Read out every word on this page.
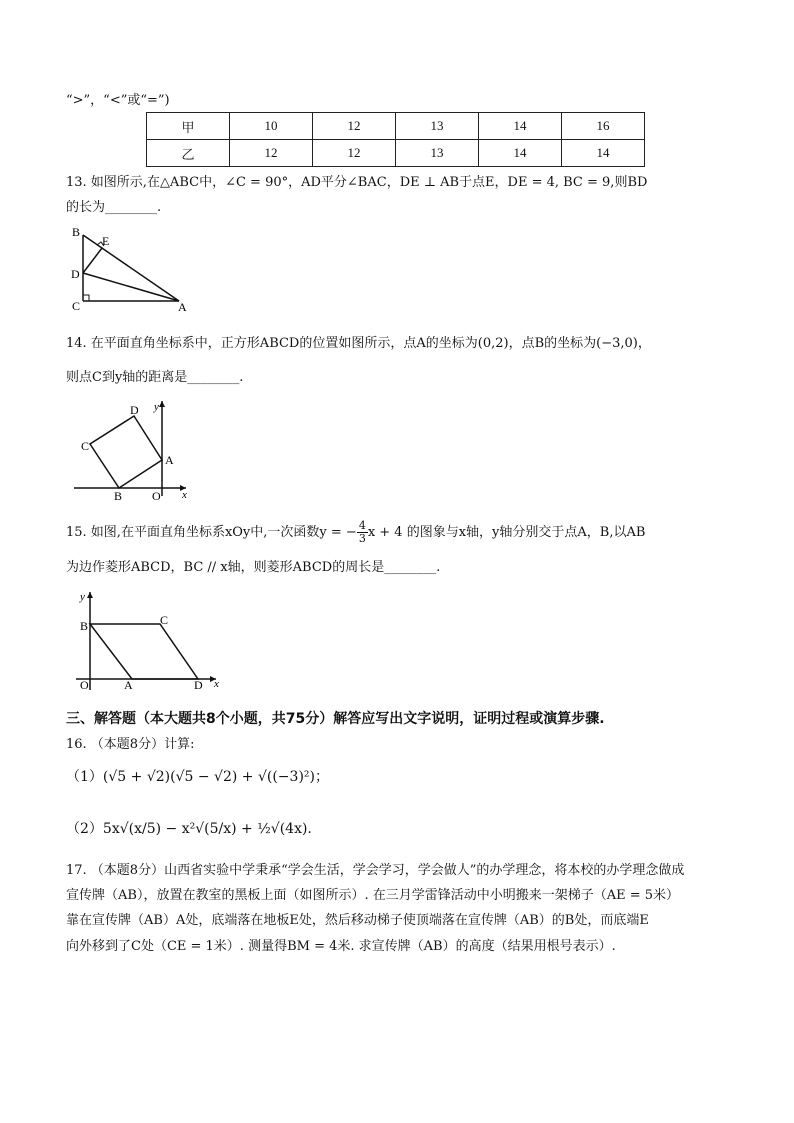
“>”，“<”或“=”)
甲	10	12	13	14	16
乙	12	12	13	14	14
13. 如图所示,在△ABC中，∠C = 90°，AD平分∠BAC，DE ⊥ AB于点E，DE = 4, BC = 9,则BD
的长为________.
B
E
D
C	A
14. 在平面直角坐标系中，正方形ABCD的位置如图所示，点A的坐标为(0,2)，点B的坐标为(−3,0)，
则点C到y轴的距离是________.
D
C
A
B O x
y
15. 如图,在平面直角坐标系xOy中,一次函数y = − $\frac{4}{3}$ x + 4 的图象与x轴，y轴分别交于点A，B,以AB
为边作菱形ABCD，BC // x轴，则菱形ABCD的周长是________.
y
B	C
O	A	D x
三、解答题（本大题共8个小题，共75分）解答应写出文字说明，证明过程或演算步骤.
16. （本题8分）计算:
（1）(√5 + √2)(√5 − √2) + √((−3)²)；
（2）5x√(x/5) − x²√(5/x) + ½√(4x).
17. （本题8分）山西省实验中学秉承“学会生活，学会学习，学会做人”的办学理念，将本校的办学理念做成
宣传牌（AB），放置在教室的黑板上面（如图所示）. 在三月学雷锋活动中小明搬来一架梯子（AE = 5米）
靠在宣传牌（AB）A处，底端落在地板E处，然后移动梯子使顶端落在宣传牌（AB）的B处，而底端E
向外移到了C处（CE = 1米）. 测量得BM = 4米. 求宣传牌（AB）的高度（结果用根号表示）.
